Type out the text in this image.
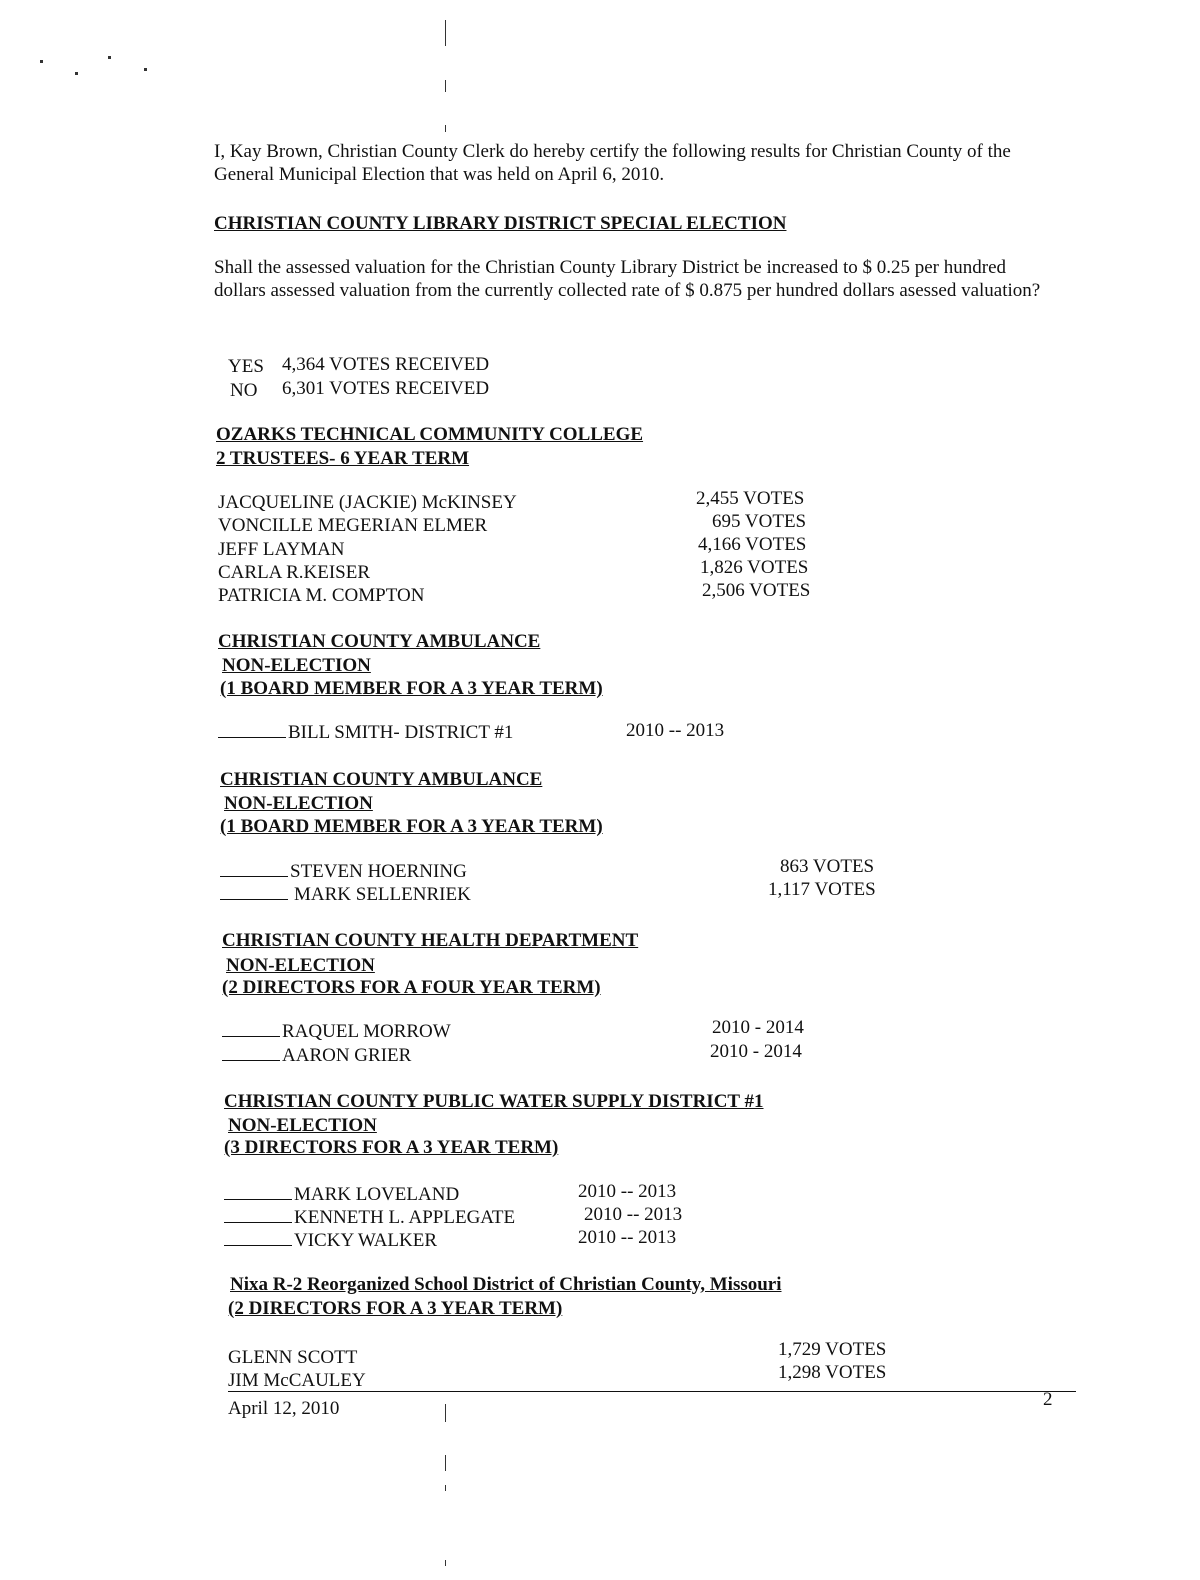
I, Kay Brown, Christian County Clerk do hereby certify the following results for Christian County of the General Municipal Election that was held on April 6, 2010.
CHRISTIAN COUNTY LIBRARY DISTRICT SPECIAL ELECTION
Shall the assessed valuation for the Christian County Library District be increased to $ 0.25 per hundred dollars assessed valuation from the currently collected rate of $ 0.875 per hundred dollars asessed valuation?
YES 4,364 VOTES RECEIVED
NO 6,301 VOTES RECEIVED
OZARKS TECHNICAL COMMUNITY COLLEGE
2 TRUSTEES- 6 YEAR TERM
JACQUELINE (JACKIE) McKINSEY	2,455 VOTES
VONCILLE MEGERIAN ELMER	695 VOTES
JEFF LAYMAN	4,166 VOTES
CARLA R.KEISER	1,826 VOTES
PATRICIA M. COMPTON	2,506 VOTES
CHRISTIAN COUNTY AMBULANCE
NON-ELECTION
(1 BOARD MEMBER FOR A 3 YEAR TERM)
BILL SMITH- DISTRICT #1	2010 -- 2013
CHRISTIAN COUNTY AMBULANCE
NON-ELECTION
(1 BOARD MEMBER FOR A 3 YEAR TERM)
STEVEN HOERNING	863 VOTES
MARK SELLENRIEK	1,117 VOTES
CHRISTIAN COUNTY HEALTH DEPARTMENT
NON-ELECTION
(2 DIRECTORS FOR A FOUR YEAR TERM)
RAQUEL MORROW	2010 - 2014
AARON GRIER	2010 - 2014
CHRISTIAN COUNTY PUBLIC WATER SUPPLY DISTRICT #1
NON-ELECTION
(3 DIRECTORS FOR A 3 YEAR TERM)
MARK LOVELAND	2010 -- 2013
KENNETH L. APPLEGATE	2010 -- 2013
VICKY WALKER	2010 -- 2013
Nixa R-2 Reorganized School District of Christian County, Missouri
(2 DIRECTORS FOR A 3 YEAR TERM)
GLENN SCOTT	1,729 VOTES
JIM McCAULEY	1,298 VOTES
April 12, 2010	2
